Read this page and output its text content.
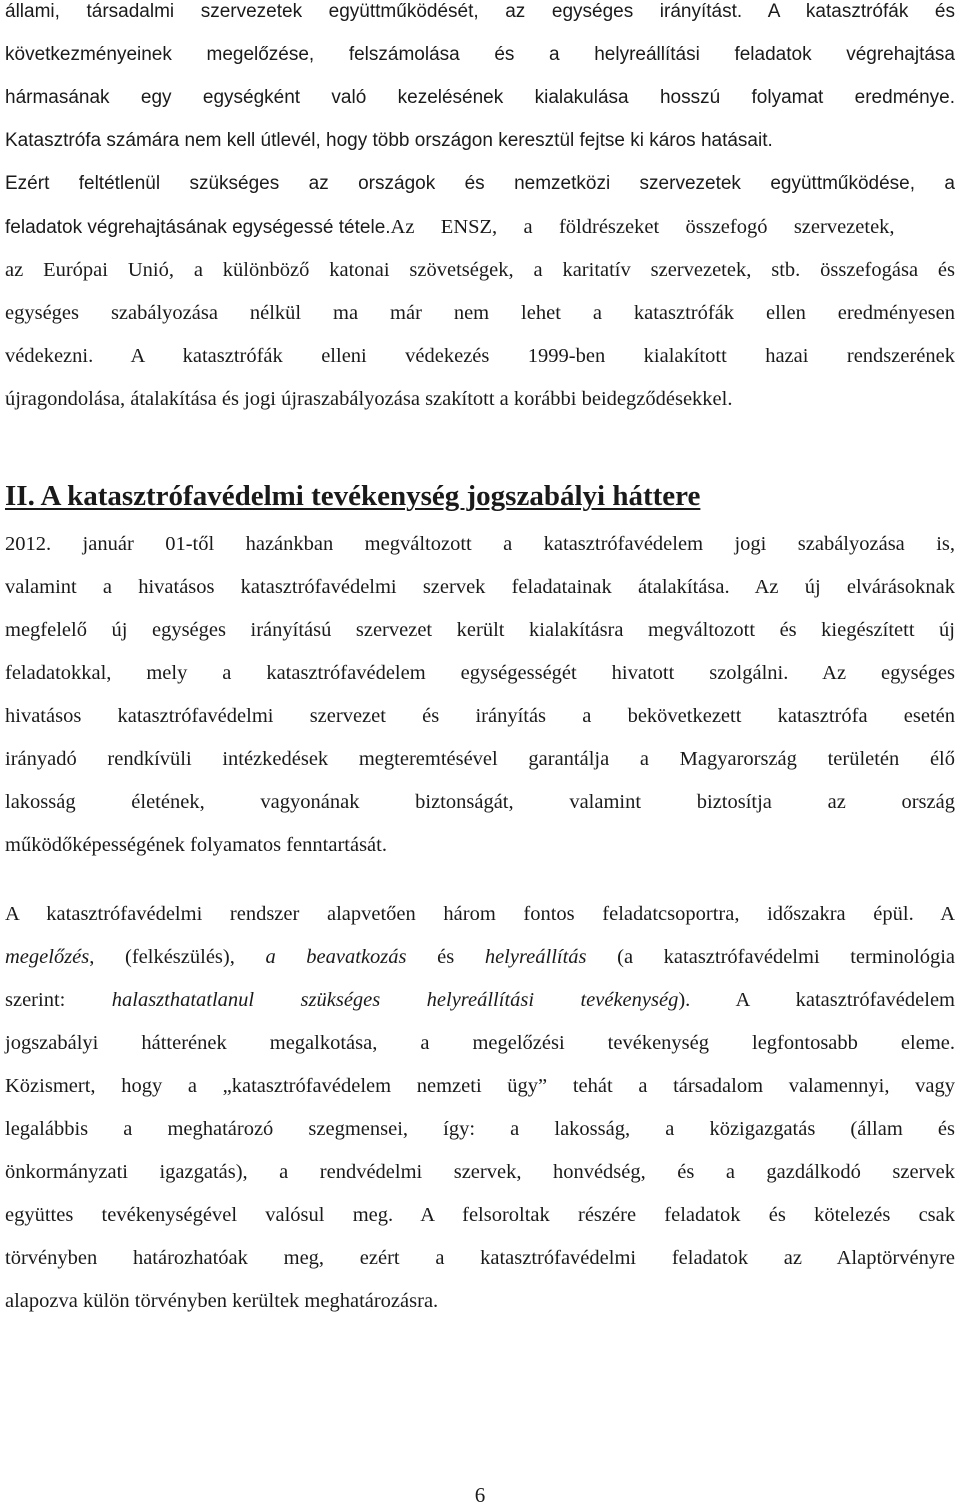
állami, társadalmi szervezetek együttműködését, az egységes irányítást. A katasztrófák és
következményeinek megelőzése, felszámolása és a helyreállítási feladatok végrehajtása
hármasának egy egységként való kezelésének kialakulása hosszú folyamat eredménye.
Katasztrófa számára nem kell útlevél, hogy több országon keresztül fejtse ki káros hatásait.
Ezért feltétlenül szükséges az országok és nemzetközi szervezetek együttműködése, a
feladatok végrehajtásának egységessé tétele.Az ENSZ, a földrészeket összefogó szervezetek,
az Európai Unió, a különböző katonai szövetségek, a karitatív szervezetek, stb. összefogása és
egységes szabályozása nélkül ma már nem lehet a katasztrófák ellen eredményesen
védekezni. A katasztrófák elleni védekezés 1999-ben kialakított hazai rendszerének
újragondolása, átalakítása és jogi újraszabályozása szakított a korábbi beidegződésekkel.
II. A katasztrófavédelmi tevékenység jogszabályi háttere
2012. január 01-től hazánkban megváltozott a katasztrófavédelem jogi szabályozása is,
valamint a hivatásos katasztrófavédelmi szervek feladatainak átalakítása. Az új elvárásoknak
megfelelő új egységes irányítású szervezet került kialakításra megváltozott és kiegészített új
feladatokkal, mely a katasztrófavédelem egységességét hivatott szolgálni. Az egységes
hivatásos katasztrófavédelmi szervezet és irányítás a bekövetkezett katasztrófa esetén
irányadó rendkívüli intézkedések megteremtésével garantálja a Magyarország területén élő
lakosság életének, vagyonának biztonságát, valamint biztosítja az ország
működőképességének folyamatos fenntartását.
A katasztrófavédelmi rendszer alapvetően három fontos feladatcsoportra, időszakra épül. A
megelőzés, (felkészülés), a beavatkozás és helyreállítás (a katasztrófavédelmi terminológia
szerint: halaszthatatlanul szükséges helyreállítási tevékenység). A katasztrófavédelem
jogszabályi hátterének megalkotása, a megelőzési tevékenység legfontosabb eleme.
Közismert, hogy a „katasztrófavédelem nemzeti ügy” tehát a társadalom valamennyi, vagy
legalábbis a meghatározó szegmensei, így: a lakosság, a közigazgatás (állam és
önkormányzati igazgatás), a rendvédelmi szervek, honvédség, és a gazdálkodó szervek
együttes tevékenységével valósul meg. A felsoroltak részére feladatok és kötelezés csak
törvényben határozhatóak meg, ezért a katasztrófavédelmi feladatok az Alaptörvényre
alapozva külön törvényben kerültek meghatározásra.
6
